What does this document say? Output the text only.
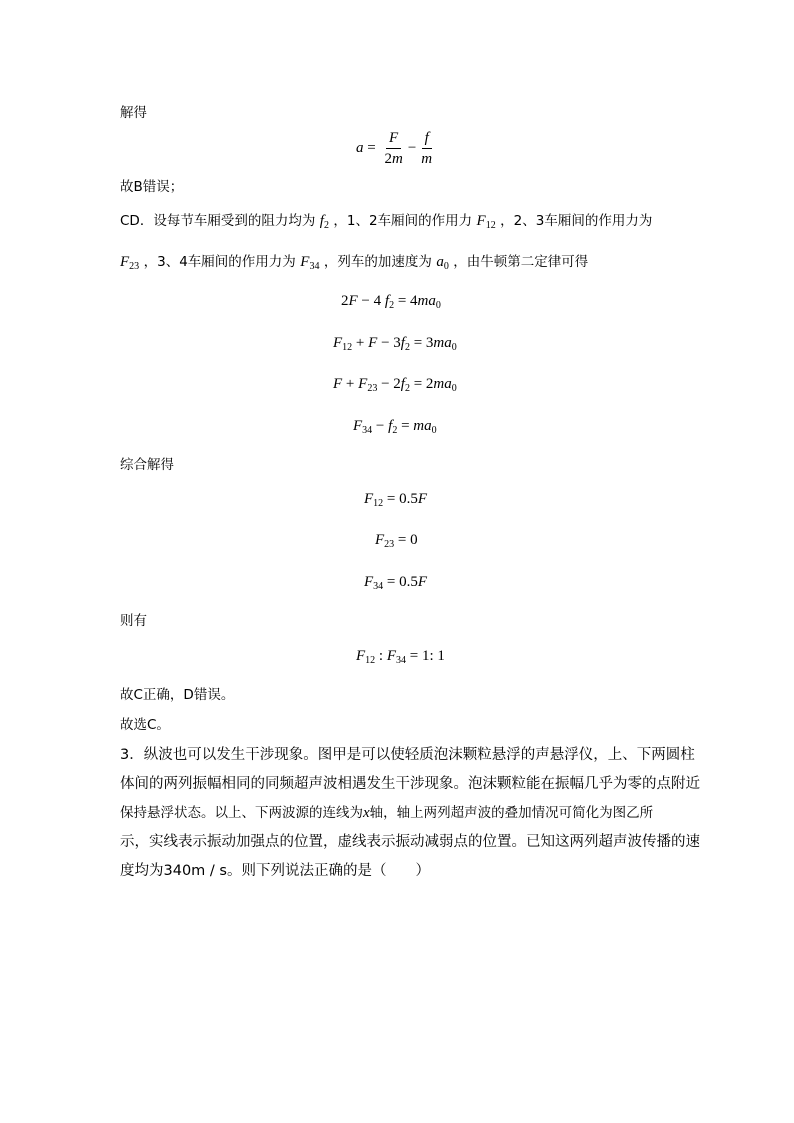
解得
$a = \frac{F}{2m} - \frac{f}{m}$
故B错误；
CD．设每节车厢受到的阻力均为 $f_2$ ，1、2车厢间的作用力 $F_{12}$ ，2、3车厢间的作用力为
$F_{23}$ ，3、4车厢间的作用力为 $F_{34}$ ，列车的加速度为 $a_0$ ，由牛顿第二定律可得
2F − 4 $f_2 = 4ma_0$
$F_{12} + F - 3f_2 = 3ma_0$
$F + F_{23} - 2f_2 = 2ma_0$
$F_{34} - f_2 = ma_0$
综合解得
$F_{12} = 0.5F$
$F_{23} = 0$
$F_{34} = 0.5F$
则有
$F_{12}$ : $F_{34} = 1$: 1
故C正确，D错误。
故选C。
3．纵波也可以发生干涉现象。图甲是可以使轻质泡沫颗粒悬浮的声悬浮仪，上、下两圆柱
体间的两列振幅相同的同频超声波相遇发生干涉现象。泡沫颗粒能在振幅几乎为零的点附近
保持悬浮状态。以上、下两波源的连线为x轴，轴上两列超声波的叠加情况可简化为图乙所
示，实线表示振动加强点的位置，虚线表示振动减弱点的位置。已知这两列超声波传播的速
度均为340m / s。则下列说法正确的是（　　）
